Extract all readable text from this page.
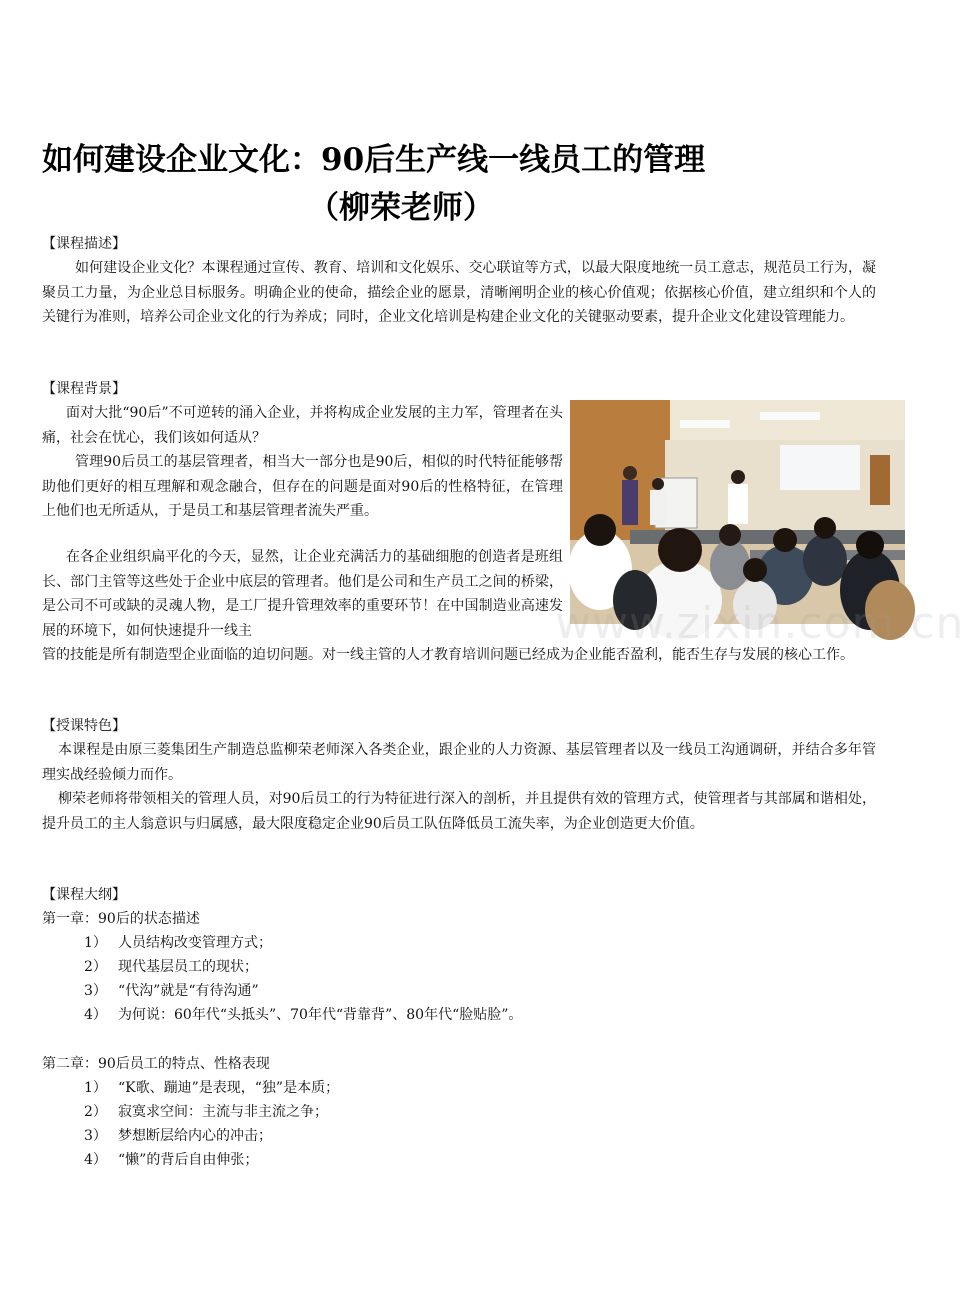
如何建设企业文化：90后生产线一线员工的管理
（柳荣老师）
【课程描述】

如何建设企业文化？本课程通过宣传、教育、培训和文化娱乐、交心联谊等方式，以最大限度地统一员工意志，规范员工行为，凝聚员工力量，为企业总目标服务。明确企业的使命，描绘企业的愿景，清晰阐明企业的核心价值观；依据核心价值，建立组织和个人的关键行为准则，培养公司企业文化的行为养成；同时，企业文化培训是构建企业文化的关键驱动要素，提升企业文化建设管理能力。

【课程背景】

面对大批“90后”不可逆转的涌入企业，并将构成企业发展的主力军，管理者在头痛，社会在忧心，我们该如何适从？

管理90后员工的基层管理者，相当大一部分也是90后，相似的时代特征能够帮助他们更好的相互理解和观念融合，但存在的问题是面对90后的性格特征，在管理上他们也无所适从，于是员工和基层管理者流失严重。

在各企业组织扁平化的今天，显然，让企业充满活力的基础细胞的创造者是班组长、部门主管等这些处于企业中底层的管理者。他们是公司和生产员工之间的桥梁，是公司不可或缺的灵魂人物，是工厂提升管理效率的重要环节！在中国制造业高速发展的环境下，如何快速提升一线主

管的技能是所有制造型企业面临的迫切问题。对一线主管的人才教育培训问题已经成为企业能否盈利，能否生存与发展的核心工作。

www.zixin.com.cn
【授课特色】

本课程是由原三菱集团生产制造总监柳荣老师深入各类企业，跟企业的人力资源、基层管理者以及一线员工沟通调研，并结合多年管理实战经验倾力而作。

柳荣老师将带领相关的管理人员，对90后员工的行为特征进行深入的剖析，并且提供有效的管理方式，使管理者与其部属和谐相处，提升员工的主人翁意识与归属感，最大限度稳定企业90后员工队伍降低员工流失率，为企业创造更大价值。

【课程大纲】
第一章：90后的状态描述
1） 人员结构改变管理方式；
2） 现代基层员工的现状；
3） “代沟”就是“有待沟通”
4） 为何说：60年代“头抵头”、70年代“背靠背”、80年代“脸贴脸”。
第二章：90后员工的特点、性格表现
1） “K歌、蹦迪”是表现，“独”是本质；
2） 寂寞求空间：主流与非主流之争；
3） 梦想断层给内心的冲击；
4） “懒”的背后自由伸张；
